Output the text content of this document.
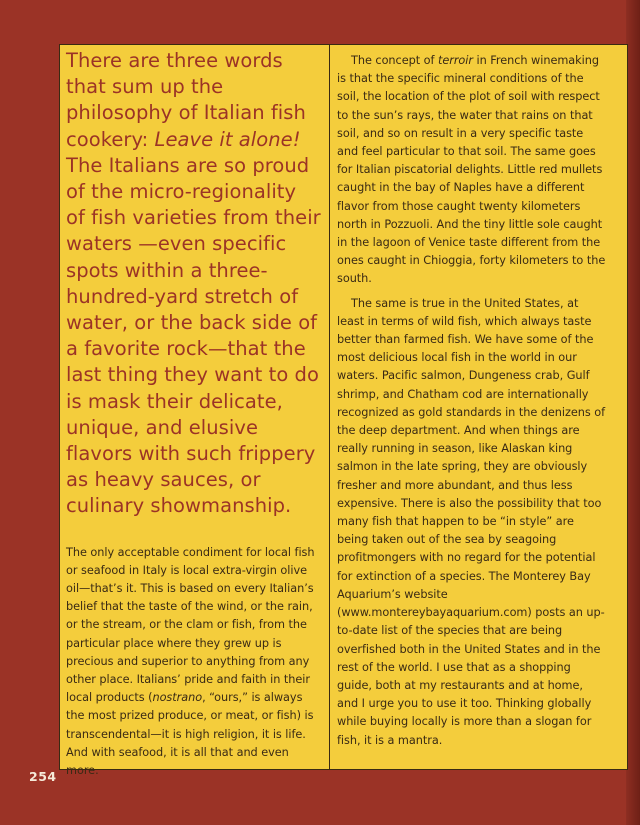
There are three words that sum up the philosophy of Italian fish cookery: Leave it alone! The Italians are so proud of the micro-regionality of fish varieties from their waters —even specific spots within a three-hundred-yard stretch of water, or the back side of a favorite rock—that the last thing they want to do is mask their delicate, unique, and elusive flavors with such frippery as heavy sauces, or culinary showmanship.

The only acceptable condiment for local fish or seafood in Italy is local extra-virgin olive oil—that’s it. This is based on every Italian’s belief that the taste of the wind, or the rain, or the stream, or the clam or fish, from the particular place where they grew up is precious and superior to anything from any other place. Italians’ pride and faith in their local products (nostrano, “ours,” is always the most prized produce, or meat, or fish) is transcendental—it is high religion, it is life. And with seafood, it is all that and even more.

The concept of terroir in French winemaking is that the specific mineral conditions of the soil, the location of the plot of soil with respect to the sun’s rays, the water that rains on that soil, and so on result in a very specific taste and feel particular to that soil. The same goes for Italian piscatorial delights. Little red mullets caught in the bay of Naples have a different flavor from those caught twenty kilometers north in Pozzuoli. And the tiny little sole caught in the lagoon of Venice taste different from the ones caught in Chioggia, forty kilometers to the south.

The same is true in the United States, at least in terms of wild fish, which always taste better than farmed fish. We have some of the most delicious local fish in the world in our waters. Pacific salmon, Dungeness crab, Gulf shrimp, and Chatham cod are internationally recognized as gold standards in the denizens of the deep department. And when things are really running in season, like Alaskan king salmon in the late spring, they are obviously fresher and more abundant, and thus less expensive. There is also the possibility that too many fish that happen to be “in style” are being taken out of the sea by seagoing profitmongers with no regard for the potential for extinction of a species. The Monterey Bay Aquarium’s website (www.montereybayaquarium.com) posts an up-to-date list of the species that are being overfished both in the United States and in the rest of the world. I use that as a shopping guide, both at my restaurants and at home, and I urge you to use it too. Thinking globally while buying locally is more than a slogan for fish, it is a mantra.

254
